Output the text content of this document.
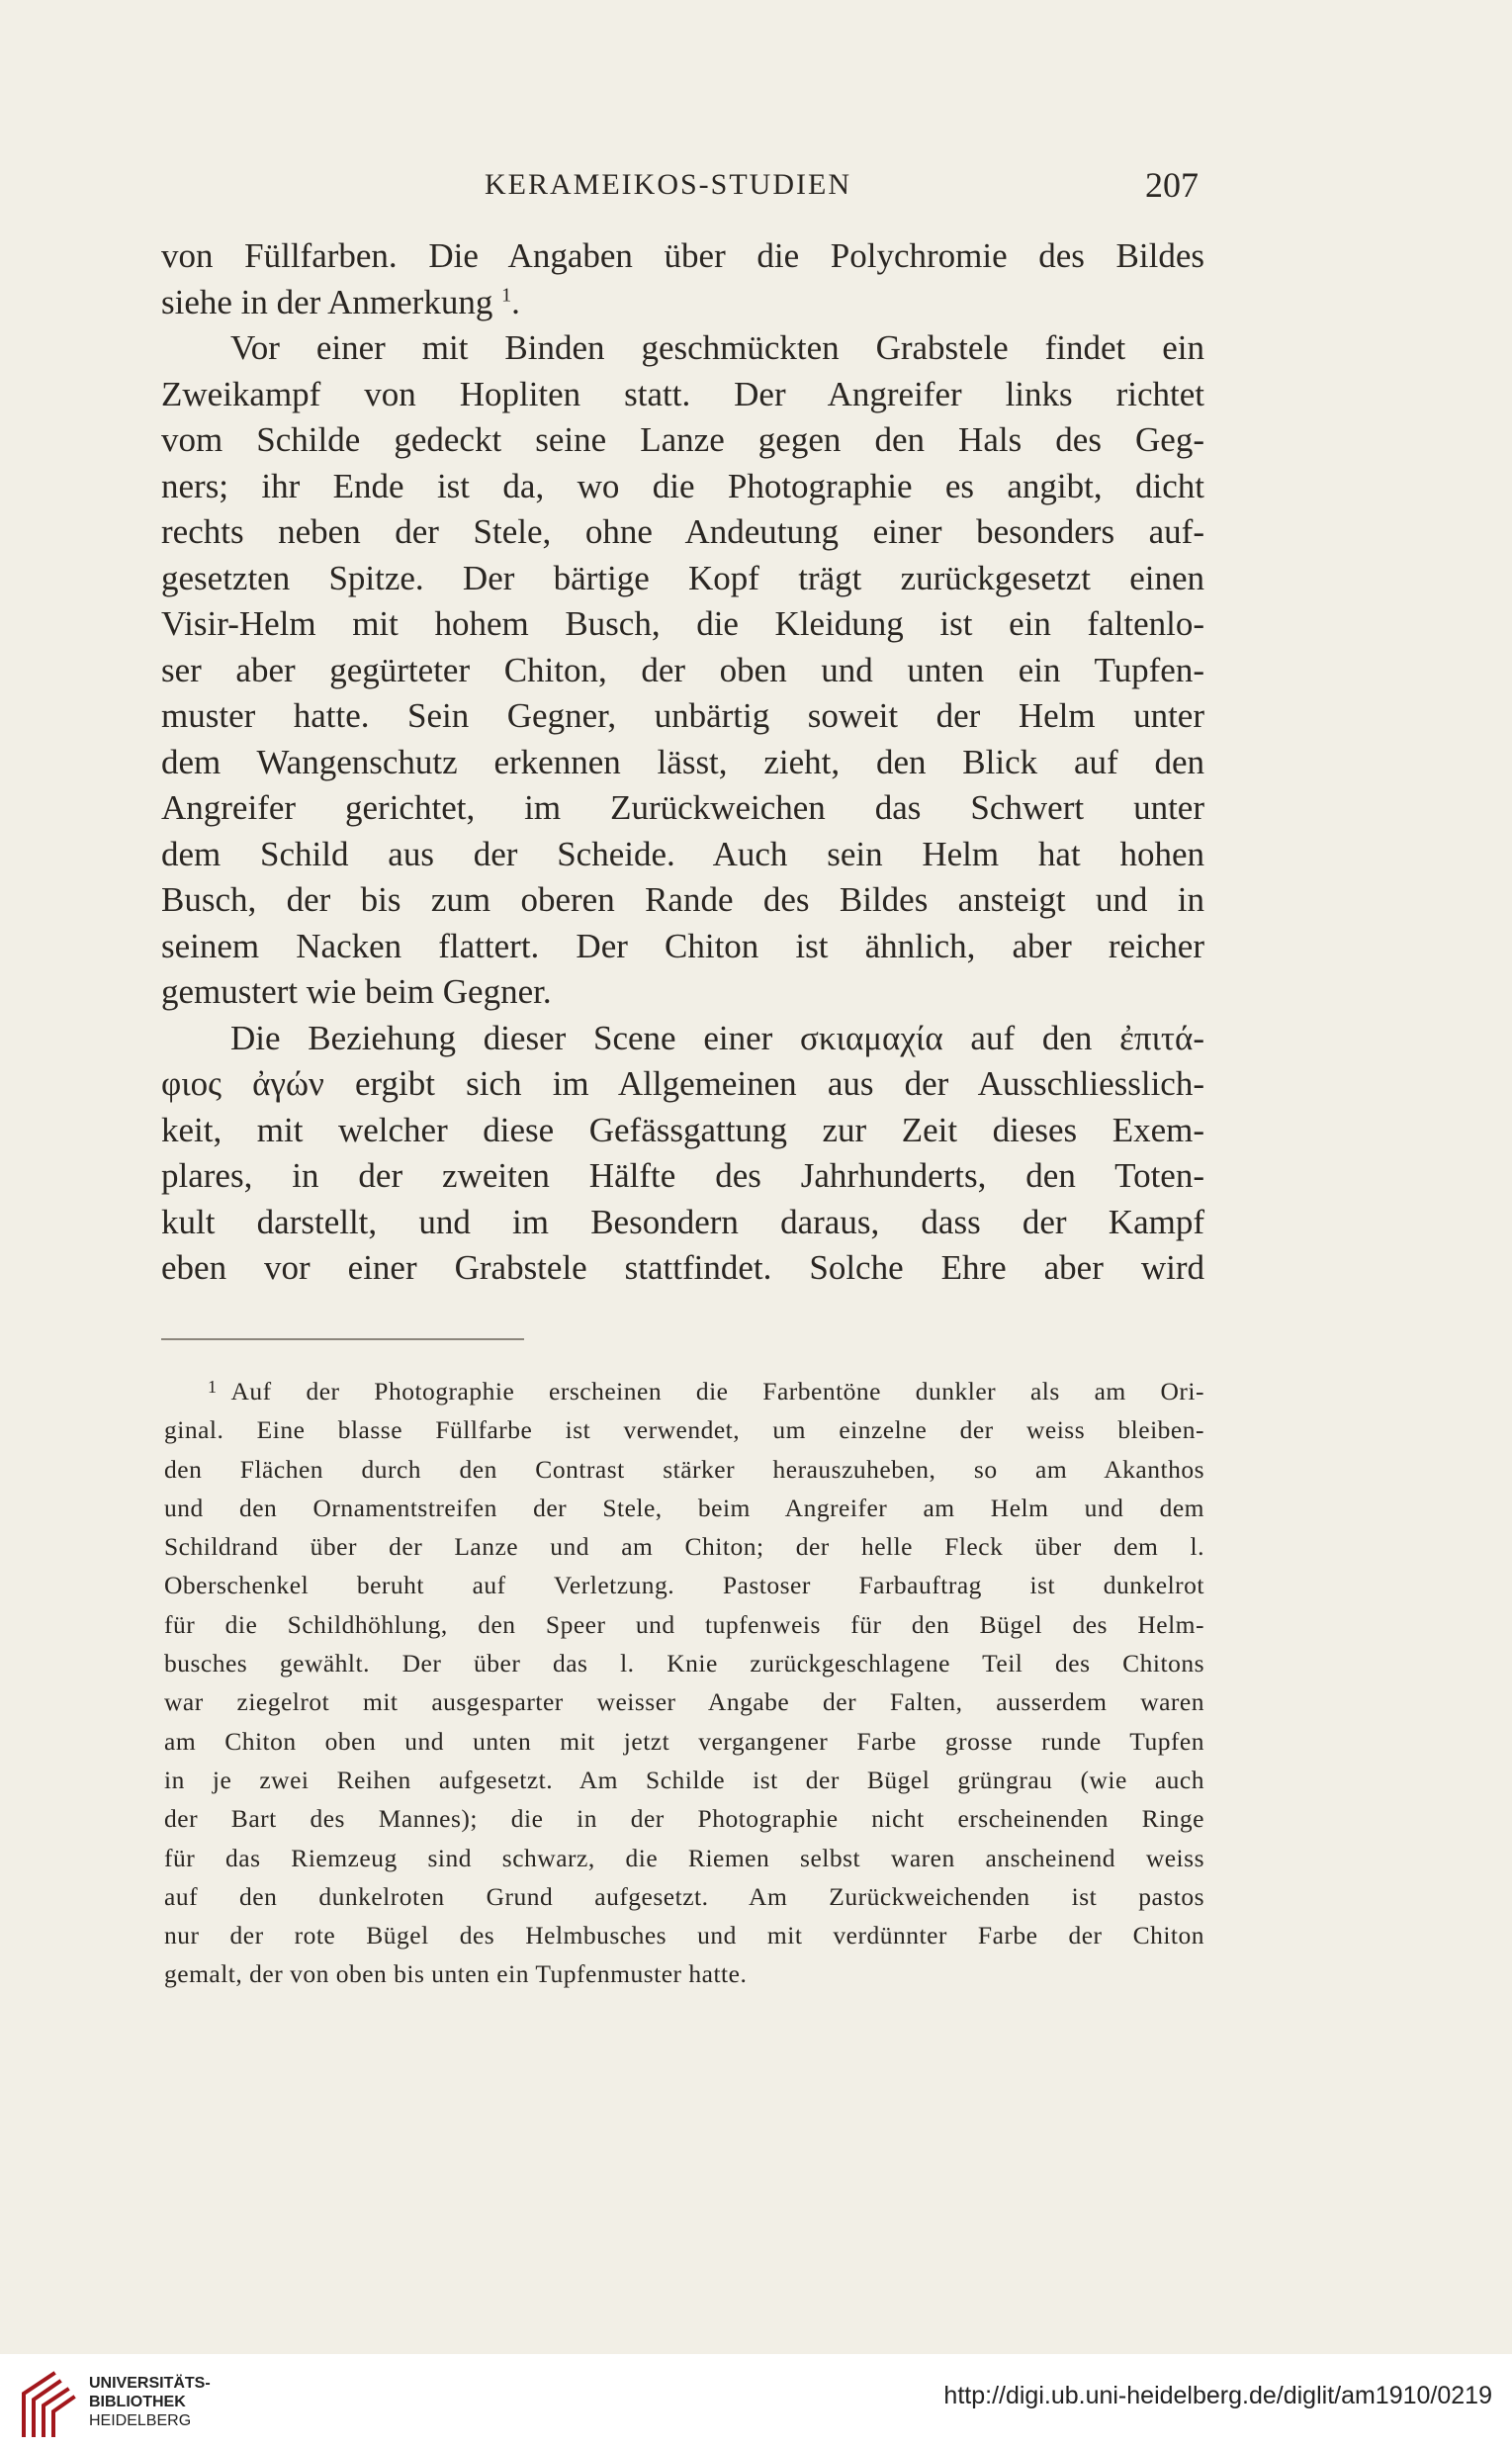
KERAMEIKOS-STUDIEN	207
von Füllfarben. Die Angaben über die Polychromie des Bildes
siehe in der Anmerkung $^1$.
Vor einer mit Binden geschmückten Grabstele findet ein
Zweikampf von Hopliten statt. Der Angreifer links richtet
vom Schilde gedeckt seine Lanze gegen den Hals des Geg-
ners; ihr Ende ist da, wo die Photographie es angibt, dicht
rechts neben der Stele, ohne Andeutung einer besonders auf-
gesetzten Spitze. Der bärtige Kopf trägt zurückgesetzt einen
Visir-Helm mit hohem Busch, die Kleidung ist ein faltenlo-
ser aber gegürteter Chiton, der oben und unten ein Tupfen-
muster hatte. Sein Gegner, unbärtig soweit der Helm unter
dem Wangenschutz erkennen lässt, zieht, den Blick auf den
Angreifer gerichtet, im Zurückweichen das Schwert unter
dem Schild aus der Scheide. Auch sein Helm hat hohen
Busch, der bis zum oberen Rande des Bildes ansteigt und in
seinem Nacken flattert. Der Chiton ist ähnlich, aber reicher
gemustert wie beim Gegner.
Die Beziehung dieser Scene einer σκιαμαχία auf den ἐπιτά-
φιος ἀγών ergibt sich im Allgemeinen aus der Ausschliesslich-
keit, mit welcher diese Gefässgattung zur Zeit dieses Exem-
plares, in der zweiten Hälfte des Jahrhunderts, den Toten-
kult darstellt, und im Besondern daraus, dass der Kampf
eben vor einer Grabstele stattfindet. Solche Ehre aber wird
$^1$ Auf der Photographie erscheinen die Farbentöne dunkler als am Ori-
ginal. Eine blasse Füllfarbe ist verwendet, um einzelne der weiss bleiben-
den Flächen durch den Contrast stärker herauszuheben, so am Akanthos
und den Ornamentstreifen der Stele, beim Angreifer am Helm und dem
Schildrand über der Lanze und am Chiton; der helle Fleck über dem l.
Oberschenkel beruht auf Verletzung. Pastoser Farbauftrag ist dunkelrot
für die Schildhöhlung, den Speer und tupfenweis für den Bügel des Helm-
busches gewählt. Der über das l. Knie zurückgeschlagene Teil des Chitons
war ziegelrot mit ausgesparter weisser Angabe der Falten, ausserdem waren
am Chiton oben und unten mit jetzt vergangener Farbe grosse runde Tupfen
in je zwei Reihen aufgesetzt. Am Schilde ist der Bügel grüngrau (wie auch
der Bart des Mannes); die in der Photographie nicht erscheinenden Ringe
für das Riemzeug sind schwarz, die Riemen selbst waren anscheinend weiss
auf den dunkelroten Grund aufgesetzt. Am Zurückweichenden ist pastos
nur der rote Bügel des Helmbusches und mit verdünnter Farbe der Chiton
gemalt, der von oben bis unten ein Tupfenmuster hatte.
UNIVERSITÄTS-
BIBLIOTHEK
HEIDELBERG
http://digi.ub.uni-heidelberg.de/diglit/am1910/0219
